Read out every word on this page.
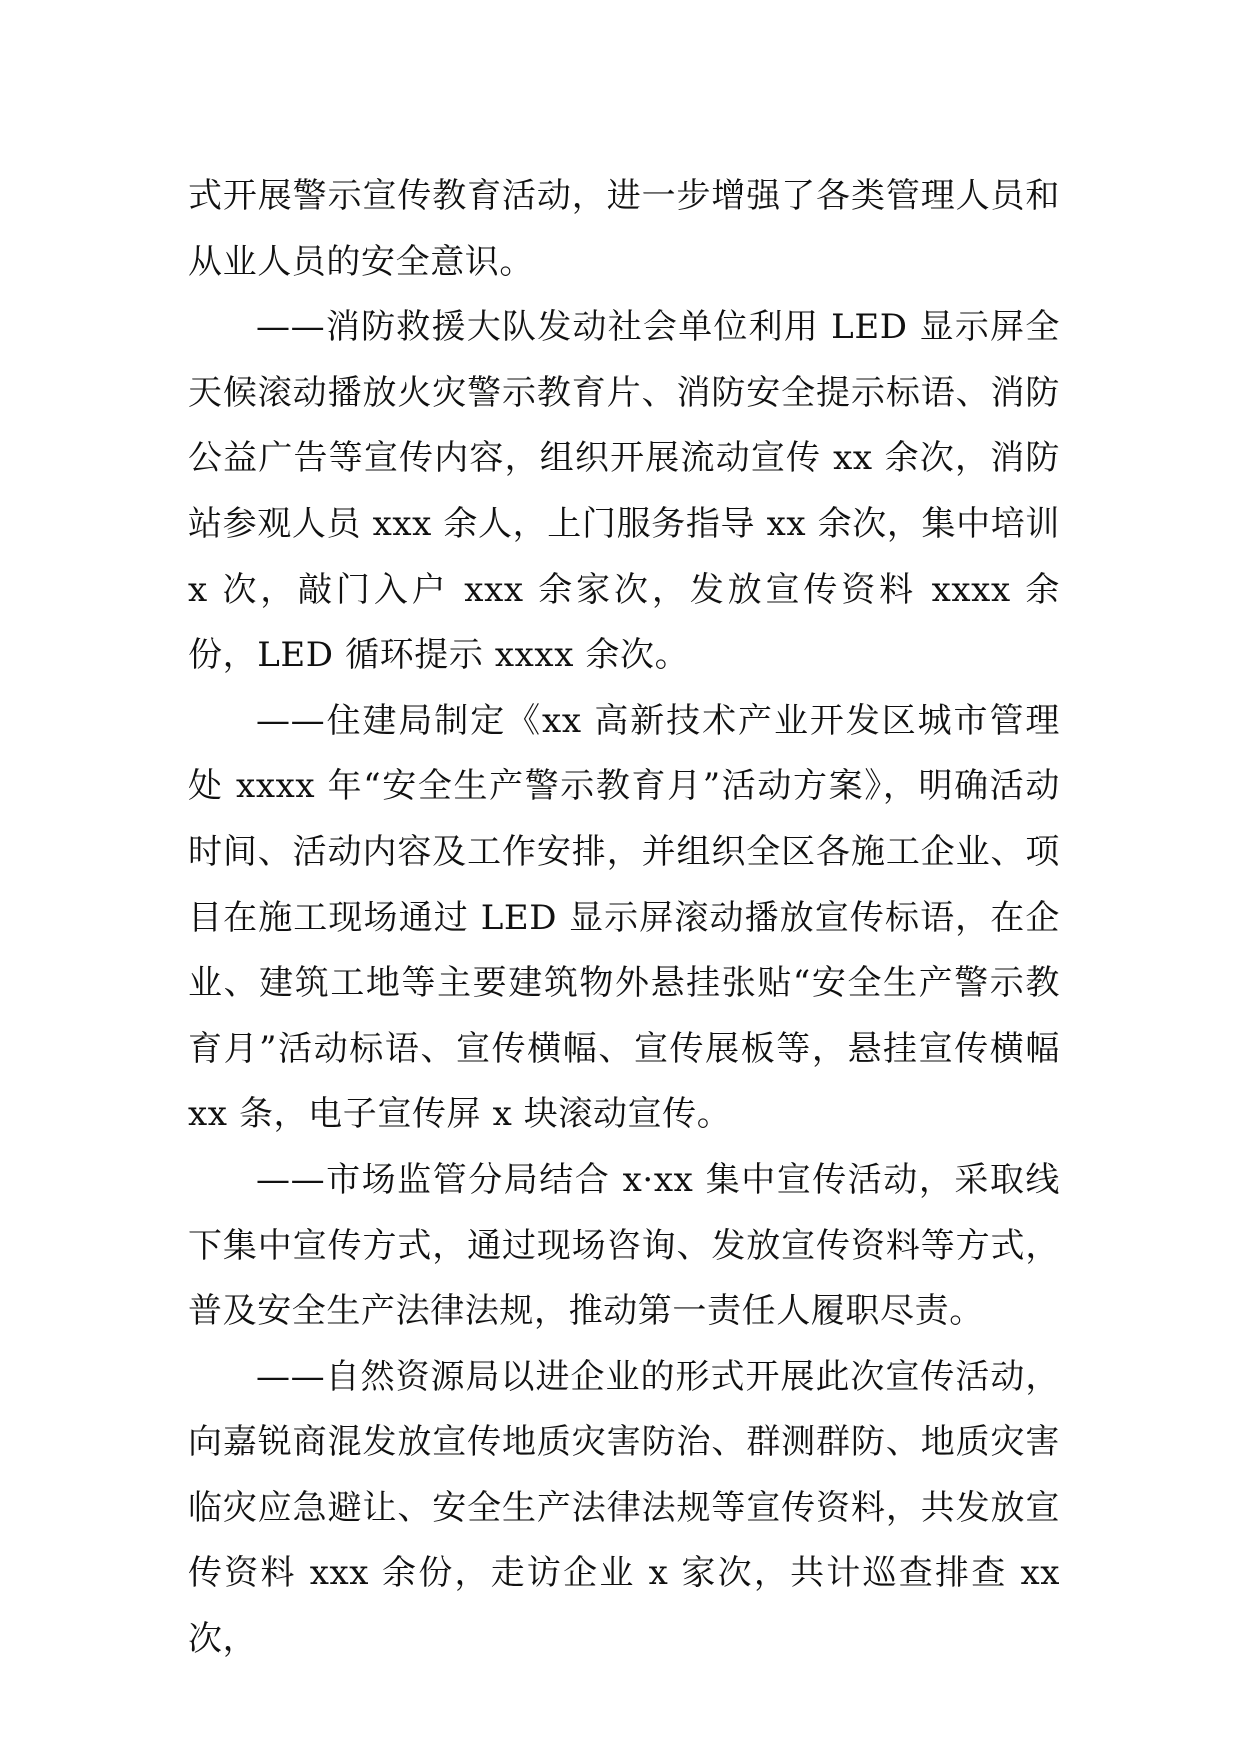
式开展警示宣传教育活动，进一步增强了各类管理人员和从业人员的安全意识。

——消防救援大队发动社会单位利用 LED 显示屏全天候滚动播放火灾警示教育片、消防安全提示标语、消防公益广告等宣传内容，组织开展流动宣传 xx 余次，消防站参观人员 xxx 余人，上门服务指导 xx 余次，集中培训 x 次，敲门入户 xxx 余家次，发放宣传资料 xxxx 余份，LED 循环提示 xxxx 余次。

——住建局制定《xx 高新技术产业开发区城市管理处 xxxx 年“安全生产警示教育月”活动方案》，明确活动时间、活动内容及工作安排，并组织全区各施工企业、项目在施工现场通过 LED 显示屏滚动播放宣传标语，在企业、建筑工地等主要建筑物外悬挂张贴“安全生产警示教育月”活动标语、宣传横幅、宣传展板等，悬挂宣传横幅 xx 条，电子宣传屏 x 块滚动宣传。

——市场监管分局结合 x·xx 集中宣传活动，采取线下集中宣传方式，通过现场咨询、发放宣传资料等方式，普及安全生产法律法规，推动第一责任人履职尽责。

——自然资源局以进企业的形式开展此次宣传活动，向嘉锐商混发放宣传地质灾害防治、群测群防、地质灾害临灾应急避让、安全生产法律法规等宣传资料，共发放宣传资料 xxx 余份，走访企业 x 家次，共计巡查排查 xx 次，
